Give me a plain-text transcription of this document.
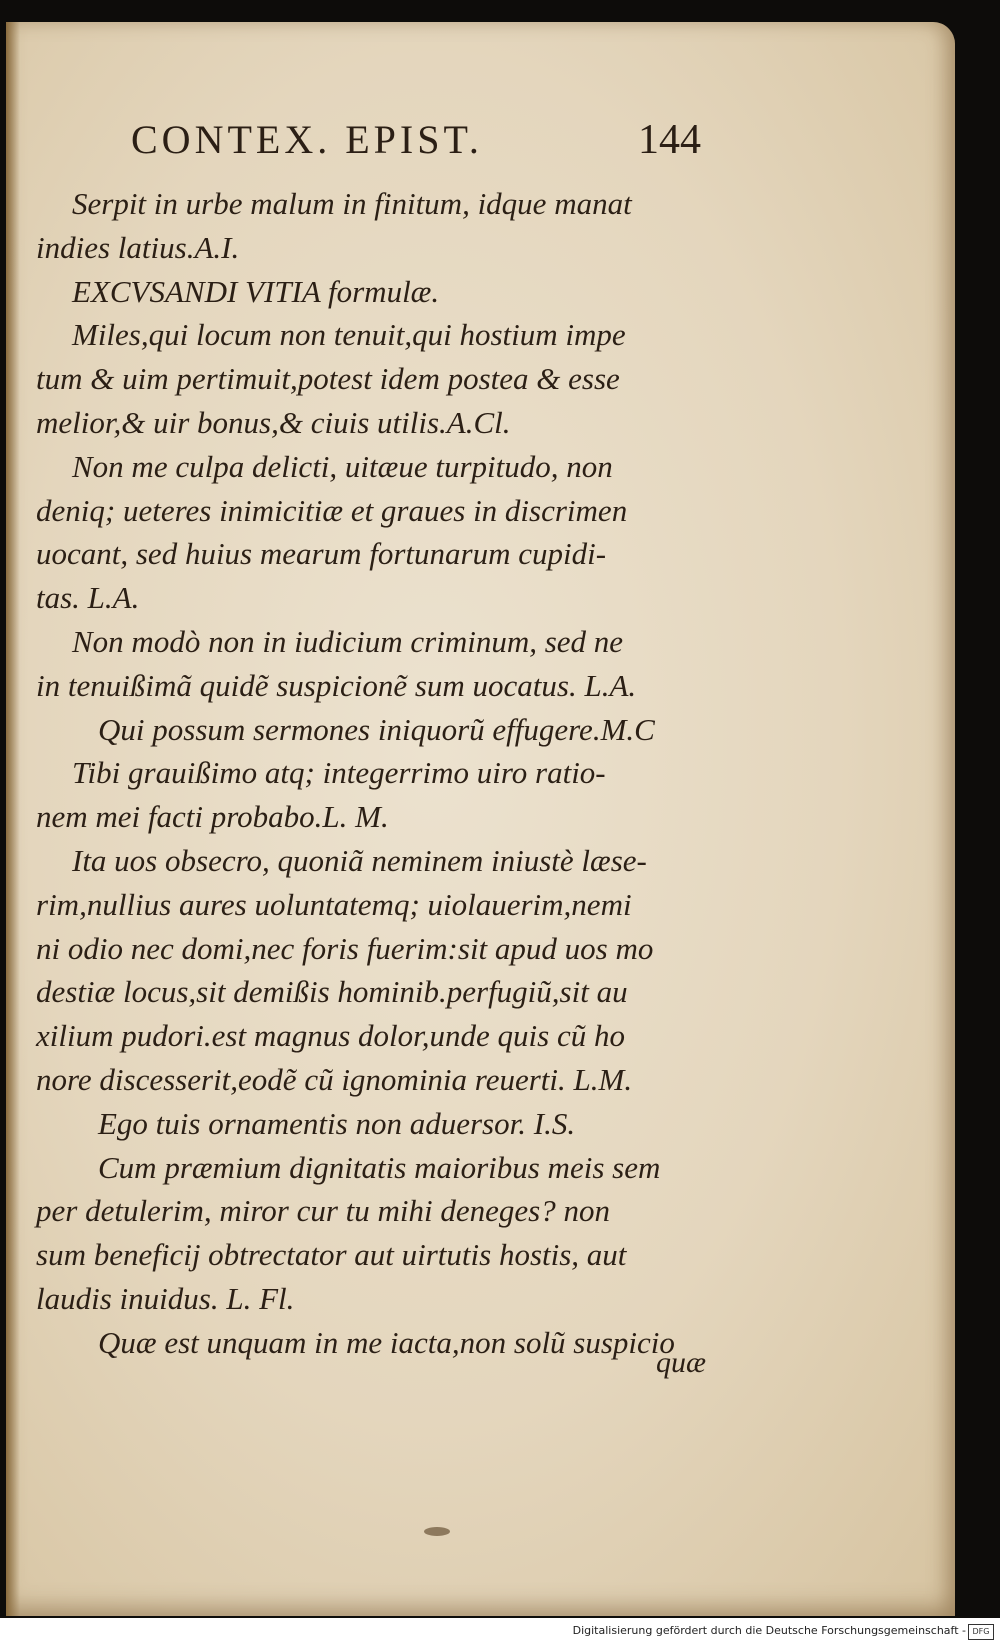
CONTEX. EPIST.	144
Serpit in urbe malum in finitum, idque manat
indies latius.A.I.
EXCVSANDI VITIA formulæ.
Miles,qui locum non tenuit,qui hostium impe
tum & uim pertimuit,potest idem postea & esse
melior,& uir bonus,& ciuis utilis.A.Cl.
Non me culpa delicti, uitæue turpitudo, non
deniq; ueteres inimicitiæ et graues in discrimen
uocant, sed huius mearum fortunarum cupidi-
tas. L.A.
Non modò non in iudicium criminum, sed ne
in tenuißimã quidẽ suspicionẽ sum uocatus. L.A.
Qui possum sermones iniquorũ effugere.M.C
Tibi grauißimo atq; integerrimo uiro ratio-
nem mei facti probabo.L. M.
Ita uos obsecro, quoniã neminem iniustè læse-
rim,nullius aures uoluntatemq; uiolauerim,nemi
ni odio nec domi,nec foris fuerim:sit apud uos mo
destiæ locus,sit demißis hominib.perfugiũ,sit au
xilium pudori.est magnus dolor,unde quis cũ ho
nore discesserit,eodẽ cũ ignominia reuerti. L.M.
Ego tuis ornamentis non aduersor. I.S.
Cum præmium dignitatis maioribus meis sem
per detulerim, miror cur tu mihi deneges? non
sum beneficij obtrectator aut uirtutis hostis, aut
laudis inuidus. L. Fl.
Quæ est unquam in me iacta,non solũ suspicio
quæ
Digitalisierung gefördert durch die Deutsche Forschungsgemeinschaft - DFG
